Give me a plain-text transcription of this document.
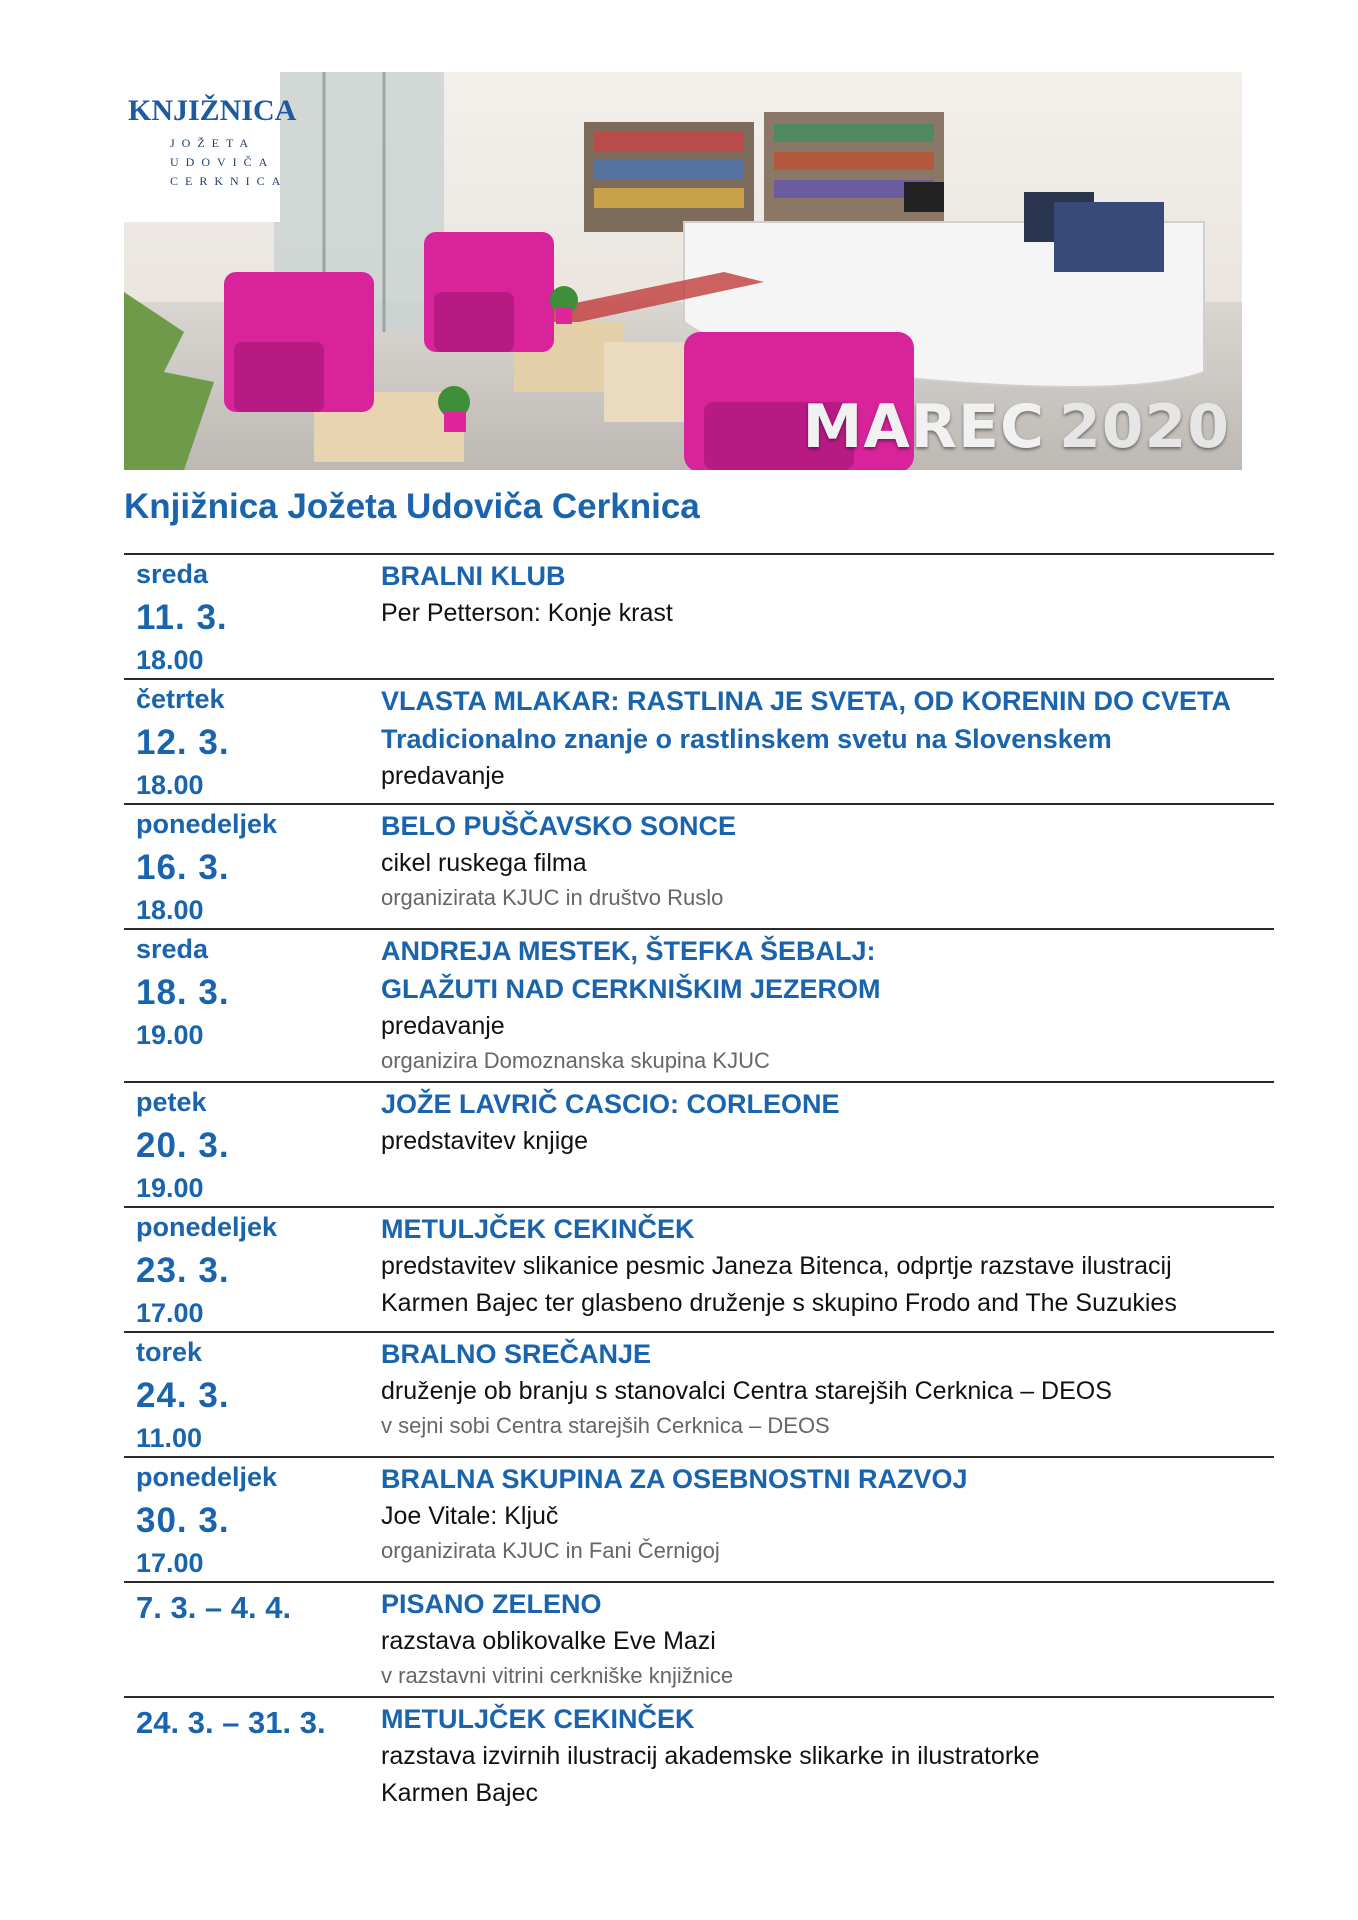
KNJIŽNICA
JOŽETA
UDOVIČA
CERKNICA
MAREC 2020
Knjižnica Jožeta Udoviča Cerknica
sreda
11. 3.
18.00
BRALNI KLUB
Per Petterson: Konje krast
četrtek
12. 3.
18.00
VLASTA MLAKAR: RASTLINA JE SVETA, OD KORENIN DO CVETA
Tradicionalno znanje o rastlinskem svetu na Slovenskem
predavanje
ponedeljek
16. 3.
18.00
BELO PUŠČAVSKO SONCE
cikel ruskega filma
organizirata KJUC in društvo Ruslo
sreda
18. 3.
19.00
ANDREJA MESTEK, ŠTEFKA ŠEBALJ:
GLAŽUTI NAD CERKNIŠKIM JEZEROM
predavanje
organizira Domoznanska skupina KJUC
petek
20. 3.
19.00
JOŽE LAVRIČ CASCIO: CORLEONE
predstavitev knjige
ponedeljek
23. 3.
17.00
METULJČEK CEKINČEK
predstavitev slikanice pesmic Janeza Bitenca, odprtje razstave ilustracij
Karmen Bajec ter glasbeno druženje s skupino Frodo and The Suzukies
torek
24. 3.
11.00
BRALNO SREČANJE
druženje ob branju s stanovalci Centra starejših Cerknica – DEOS
v sejni sobi Centra starejših Cerknica – DEOS
ponedeljek
30. 3.
17.00
BRALNA SKUPINA ZA OSEBNOSTNI RAZVOJ
Joe Vitale: Ključ
organizirata KJUC in Fani Černigoj
7. 3. – 4. 4.	PISANO ZELENO
razstava oblikovalke Eve Mazi
v razstavni vitrini cerkniške knjižnice
24. 3. – 31. 3.	METULJČEK CEKINČEK
razstava izvirnih ilustracij akademske slikarke in ilustratorke
Karmen Bajec
